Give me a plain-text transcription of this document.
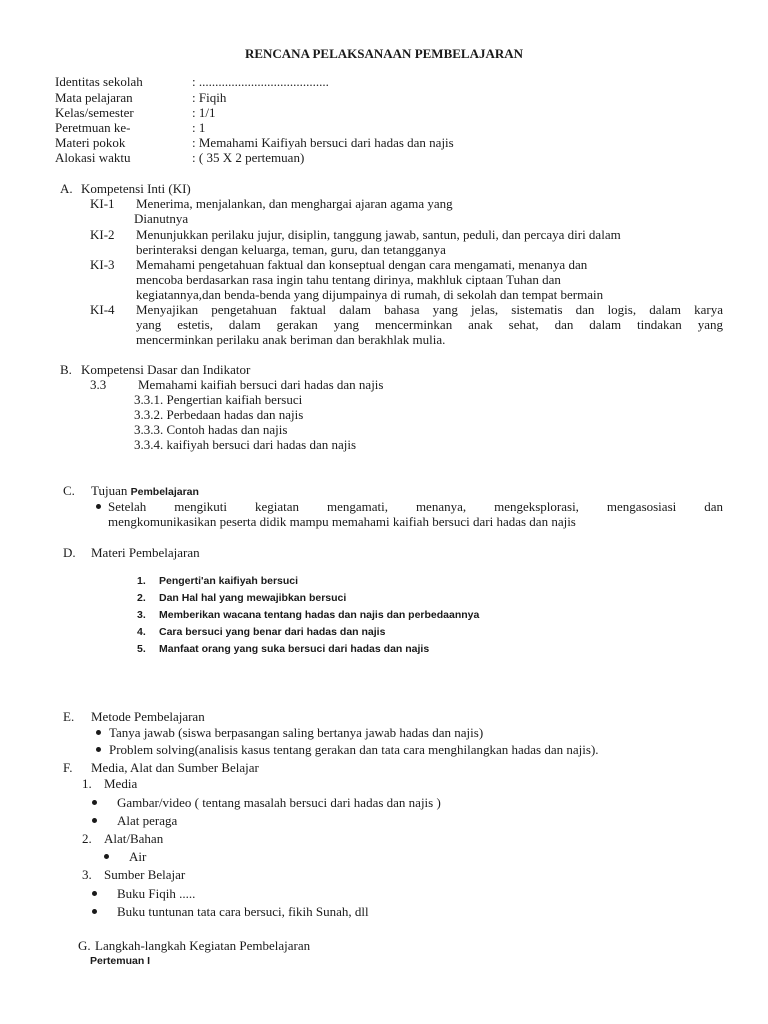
RENCANA PELAKSANAAN PEMBELAJARAN
Identitas sekolah	: ........................................
Mata pelajaran	: Fiqih
Kelas/semester	: 1/1
Peretmuan ke-	: 1
Materi pokok	: Memahami Kaifiyah bersuci dari hadas dan najis
Alokasi waktu	: ( 35 X 2 pertemuan)
A. Kompetensi Inti (KI)
KI-1 Menerima, menjalankan, dan menghargai ajaran agama yang
Dianutnya
KI-2 Menunjukkan perilaku jujur, disiplin, tanggung jawab, santun, peduli, dan percaya diri dalam
berinteraksi dengan keluarga, teman, guru, dan tetangganya
KI-3 Memahami pengetahuan faktual dan konseptual dengan cara mengamati, menanya dan
mencoba berdasarkan rasa ingin tahu tentang dirinya, makhluk ciptaan Tuhan dan
kegiatannya,dan benda-benda yang dijumpainya di rumah, di sekolah dan tempat bermain
KI-4 Menyajikan pengetahuan faktual dalam bahasa yang jelas, sistematis dan logis, dalam karya
yang estetis, dalam gerakan yang mencerminkan anak sehat, dan dalam tindakan yang
mencerminkan perilaku anak beriman dan berakhlak mulia.
B. Kompetensi Dasar dan Indikator
3.3 Memahami kaifiah bersuci dari hadas dan najis
3.3.1. Pengertian kaifiah bersuci
3.3.2. Perbedaan hadas dan najis
3.3.3. Contoh hadas dan najis
3.3.4. kaifiyah bersuci dari hadas dan najis
C. Tujuan Pembelajaran
Setelah mengikuti kegiatan mengamati, menanya, mengeksplorasi, mengasosiasi dan
mengkomunikasikan peserta didik mampu memahami kaifiah bersuci dari hadas dan najis
D. Materi Pembelajaran
1. Pengerti'an kaifiyah bersuci
2. Dan Hal hal yang mewajibkan bersuci
3. Memberikan wacana tentang hadas dan najis dan perbedaannya
4. Cara bersuci yang benar dari hadas dan najis
5. Manfaat orang yang suka bersuci dari hadas dan najis
E. Metode Pembelajaran
Tanya jawab (siswa berpasangan saling bertanya jawab hadas dan najis)
Problem solving(analisis kasus tentang gerakan dan tata cara menghilangkan hadas dan najis).
F. Media, Alat dan Sumber Belajar
1. Media
Gambar/video ( tentang masalah bersuci dari hadas dan najis )
Alat peraga
2. Alat/Bahan
Air
3. Sumber Belajar
Buku Fiqih .....
Buku tuntunan tata cara bersuci, fikih Sunah, dll
G. Langkah-langkah Kegiatan Pembelajaran
Pertemuan I
